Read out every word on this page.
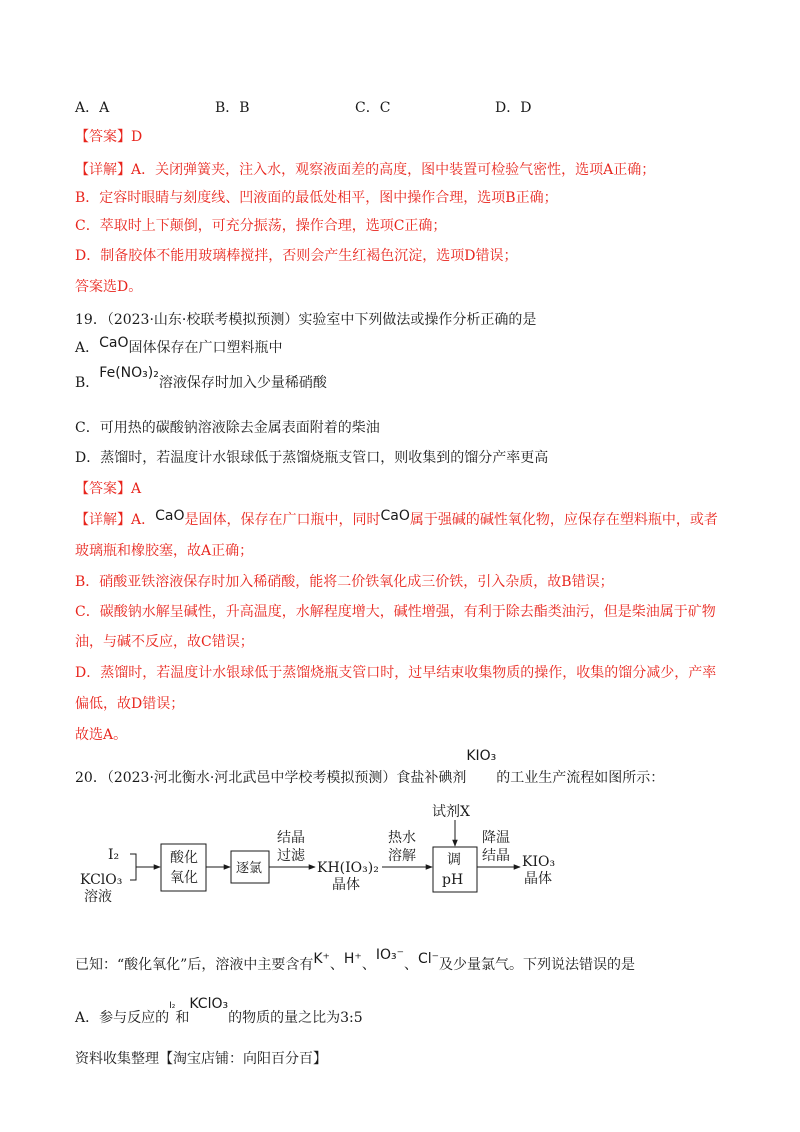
A．A	B．B	C．C	D．D
【答案】D
【详解】A．关闭弹簧夹，注入水，观察液面差的高度，图中装置可检验气密性，选项A正确；
B．定容时眼睛与刻度线、凹液面的最低处相平，图中操作合理，选项B正确；
C．萃取时上下颠倒，可充分振荡，操作合理，选项C正确；
D．制备胶体不能用玻璃棒搅拌，否则会产生红褐色沉淀，选项D错误；
答案选D。
19．（2023·山东·校联考模拟预测）实验室中下列做法或操作分析正确的是
A．CaO固体保存在广口塑料瓶中
B．Fe(NO₃)₂溶液保存时加入少量稀硝酸
C．可用热的碳酸钠溶液除去金属表面附着的柴油
D．蒸馏时，若温度计水银球低于蒸馏烧瓶支管口，则收集到的馏分产率更高
【答案】A
【详解】A．CaO是固体，保存在广口瓶中，同时CaO属于强碱的碱性氧化物，应保存在塑料瓶中，或者
玻璃瓶和橡胶塞，故A正确；
B．硝酸亚铁溶液保存时加入稀硝酸，能将二价铁氧化成三价铁，引入杂质，故B错误；
C．碳酸钠水解呈碱性，升高温度，水解程度增大，碱性增强，有利于除去酯类油污，但是柴油属于矿物
油，与碱不反应，故C错误；
D．蒸馏时，若温度计水银球低于蒸馏烧瓶支管口时，过早结束收集物质的操作，收集的馏分减少，产率
偏低，故D错误；
故选A。
20．（2023·河北衡水·河北武邑中学校考模拟预测）食盐补碘剂KIO₃的工业生产流程如图所示：
I₂
KClO₃
溶液
酸化
氧化
逐氯
结晶
过滤
KH(IO₃)₂
晶体
热水
溶解
试剂X
调
pH
降温
结晶 KIO₃
晶体
已知：“酸化氧化”后，溶液中主要含有K⁺、H⁺、IO₃⁻、Cl⁻及少量氯气。下列说法错误的是
A．参与反应的$^{I_2}$和KClO₃的物质的量之比为3:5
资料收集整理【淘宝店铺：向阳百分百】
